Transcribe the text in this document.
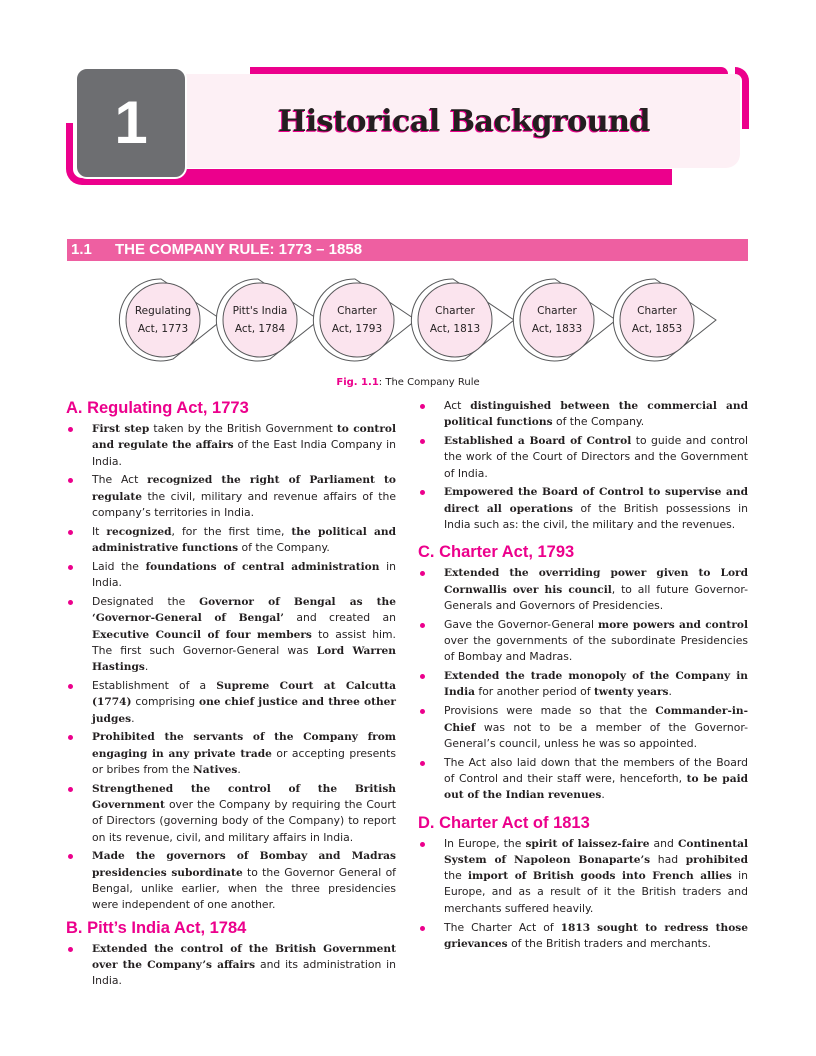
1	Historical Background
1.1 THE COMPANY RULE: 1773 – 1858
Regulating
Act, 1773
Pitt's India
Act, 1784
Charter
Act, 1793
Charter
Act, 1813
Charter
Act, 1833
Charter
Act, 1853
Fig. 1.1: The Company Rule
A. Regulating Act, 1773
First step taken by the British Government to control and regulate the affairs of the East India Company in India.
The Act recognized the right of Parliament to regulate the civil, military and revenue affairs of the company’s territories in India.
It recognized, for the first time, the political and administrative functions of the Company.
Laid the foundations of central administration in India.
Designated the Governor of Bengal as the ‘Governor-General of Bengal’ and created an Executive Council of four members to assist him. The first such Governor-General was Lord Warren Hastings.
Establishment of a Supreme Court at Calcutta (1774) comprising one chief justice and three other judges.
Prohibited the servants of the Company from engaging in any private trade or accepting presents or bribes from the Natives.
Strengthened the control of the British Government over the Company by requiring the Court of Directors (governing body of the Company) to report on its revenue, civil, and military affairs in India.
Made the governors of Bombay and Madras presidencies subordinate to the Governor General of Bengal, unlike earlier, when the three presidencies were independent of one another.
B. Pitt’s India Act, 1784
Extended the control of the British Government over the Company’s affairs and its administration in India.
Act distinguished between the commercial and political functions of the Company.
Established a Board of Control to guide and control the work of the Court of Directors and the Government of India.
Empowered the Board of Control to supervise and direct all operations of the British possessions in India such as: the civil, the military and the revenues.
C. Charter Act, 1793
Extended the overriding power given to Lord Cornwallis over his council, to all future Governor-Generals and Governors of Presidencies.
Gave the Governor-General more powers and control over the governments of the subordinate Presidencies of Bombay and Madras.
Extended the trade monopoly of the Company in India for another period of twenty years.
Provisions were made so that the Commander-in-Chief was not to be a member of the Governor-General’s council, unless he was so appointed.
The Act also laid down that the members of the Board of Control and their staff were, henceforth, to be paid out of the Indian revenues.
D. Charter Act of 1813
In Europe, the spirit of laissez-faire and Continental System of Napoleon Bonaparte’s had prohibited the import of British goods into French allies in Europe, and as a result of it the British traders and merchants suffered heavily.
The Charter Act of 1813 sought to redress those grievances of the British traders and merchants.
